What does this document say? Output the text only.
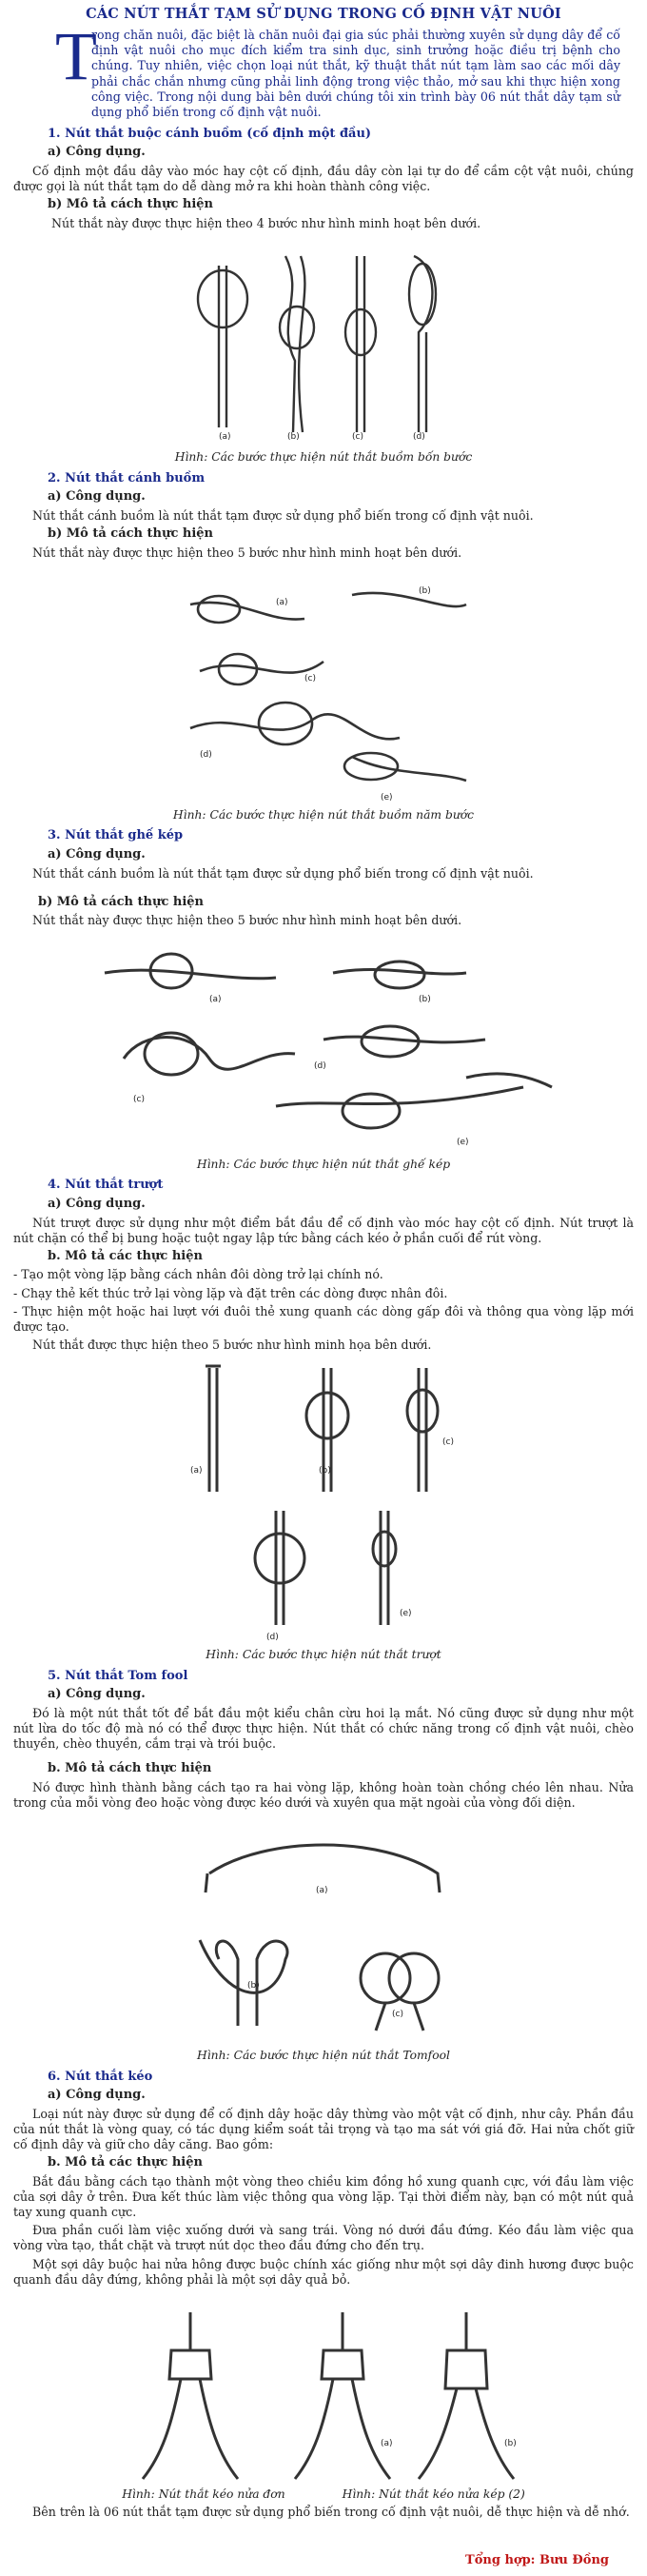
CÁC NÚT THẮT TẠM SỬ DỤNG TRONG CỐ ĐỊNH VẬT NUÔI
T
rong chăn nuôi, đặc biệt là chăn nuôi đại gia súc phải thường xuyên sử dụng dây để cố định vật nuôi cho mục đích kiểm tra sinh dục, sinh trưởng hoặc điều trị bệnh cho chúng. Tuy nhiên, việc chọn loại nút thắt, kỹ thuật thắt nút tạm làm sao các mối dây phải chắc chắn nhưng cũng phải linh động trong việc thảo, mở sau khi thực hiện xong công việc. Trong nội dung bài bên dưới chúng tôi xin trình bày 06 nút thắt dây tạm sử dụng phổ biến trong cố định vật nuôi.
1. Nút thắt buộc cánh buồm (cố định một đầu)
a) Công dụng.
Cố định một đầu dây vào móc hay cột cố định, đầu dây còn lại tự do để cầm cột vật nuôi, chúng được gọi là nút thắt tạm do dễ dàng mở ra khi hoàn thành công việc.
b) Mô tả cách thực hiện
Nút thắt này được thực hiện theo 4 bước như hình minh hoạt bên dưới.
(a)	(b)	(c)	(d)
Hình: Các bước thực hiện nút thắt buồm bốn bước
2. Nút thắt cánh buồm
a) Công dụng.
Nút thắt cánh buồm là nút thắt tạm được sử dụng phổ biến trong cố định vật nuôi.
b) Mô tả cách thực hiện
Nút thắt này được thực hiện theo 5 bước như hình minh hoạt bên dưới.
(a)
(b)
(c)
(d)
(e)
Hình: Các bước thực hiện nút thắt buồm năm bước
3. Nút thắt ghế kép
a) Công dụng.
Nút thắt cánh buồm là nút thắt tạm được sử dụng phổ biến trong cố định vật nuôi.
b) Mô tả cách thực hiện
Nút thắt này được thực hiện theo 5 bước như hình minh hoạt bên dưới.
(a)	(b)
(c)
(d)
(e)
Hình: Các bước thực hiện nút thắt ghế kép
4. Nút thắt trượt
a) Công dụng.
Nút trượt được sử dụng như một điểm bắt đầu để cố định vào móc hay cột cố định. Nút trượt là nút chặn có thể bị bung hoặc tuột ngay lập tức bằng cách kéo ở phần cuối để rút vòng.
b. Mô tả các thực hiện
- Tạo một vòng lặp bằng cách nhân đôi dòng trở lại chính nó.
- Chạy thẻ kết thúc trở lại vòng lặp và đặt trên các dòng được nhân đôi.
- Thực hiện một hoặc hai lượt với đuôi thẻ xung quanh các dòng gấp đôi và thông qua vòng lặp mới được tạo.
Nút thắt được thực hiện theo 5 bước như hình minh họa bên dưới.
(a)	(b)
(c)
(d)
(e)
Hình: Các bước thực hiện nút thắt trượt
5. Nút thắt Tom fool
a) Công dụng.
Đó là một nút thắt tốt để bắt đầu một kiểu chân cừu hoi lạ mắt. Nó cũng được sử dụng như một nút lừa do tốc độ mà nó có thể được thực hiện. Nút thắt có chức năng trong cố định vật nuôi, chèo thuyền, chèo thuyền, cắm trại và trói buộc.
b. Mô tả cách thực hiện
Nó được hình thành bằng cách tạo ra hai vòng lặp, không hoàn toàn chồng chéo lên nhau. Nửa trong của mỗi vòng đeo hoặc vòng được kéo dưới và xuyên qua mặt ngoài của vòng đối diện.
(a)
(b)
(c)
Hình: Các bước thực hiện nút thắt Tomfool
6. Nút thắt kéo
a) Công dụng.
Loại nút này được sử dụng để cố định dây hoặc dây thừng vào một vật cố định, như cây. Phần đầu của nút thắt là vòng quay, có tác dụng kiểm soát tải trọng và tạo ma sát với giá đỡ. Hai nửa chốt giữ cố định dây và giữ cho dây căng. Bao gồm:
b. Mô tả các thực hiện
Bắt đầu bằng cách tạo thành một vòng theo chiều kim đồng hồ xung quanh cực, với đầu làm việc của sợi dây ở trên. Đưa kết thúc làm việc thông qua vòng lặp. Tại thời điểm này, bạn có một nút quả tay xung quanh cực.
Đưa phần cuối làm việc xuống dưới và sang trái. Vòng nó dưới đầu đứng. Kéo đầu làm việc qua vòng vừa tạo, thắt chặt và trượt nút dọc theo đầu đứng cho đến trụ.
Một sợi dây buộc hai nửa hông được buộc chính xác giống như một sợi dây đinh hương được buộc quanh đầu dây đứng, không phải là một sợi dây quả bỏ.
(a)	(b)
Hình: Nút thắt kéo nửa đơn	Hình: Nút thắt kéo nửa kép (2)
Bên trên là 06 nút thắt tạm được sử dụng phổ biến trong cố định vật nuôi, dễ thực hiện và dễ nhớ.
Tổng hợp: Bưu Đồng
